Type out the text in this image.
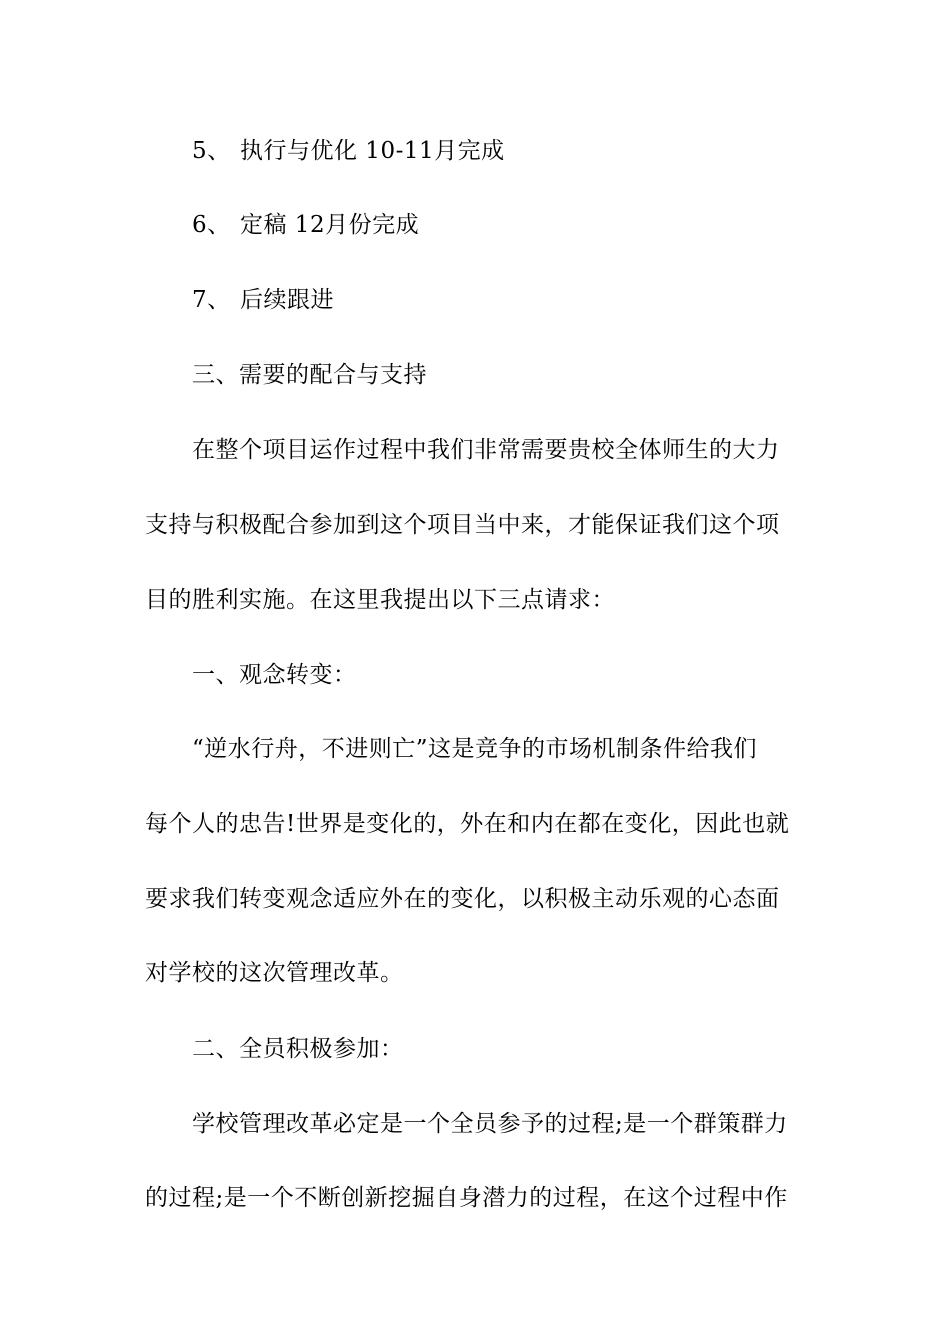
5、 执行与优化 10-11月完成
6、 定稿 12月份完成
7、 后续跟进
三、需要的配合与支持
在整个项目运作过程中我们非常需要贵校全体师生的大力
支持与积极配合参加到这个项目当中来，才能保证我们这个项
目的胜利实施。在这里我提出以下三点请求：
一、观念转变：
“逆水行舟，不进则亡”这是竞争的市场机制条件给我们
每个人的忠告!世界是变化的，外在和内在都在变化，因此也就
要求我们转变观念适应外在的变化，以积极主动乐观的心态面
对学校的这次管理改革。
二、全员积极参加：
学校管理改革必定是一个全员参予的过程;是一个群策群力
的过程;是一个不断创新挖掘自身潜力的过程，在这个过程中作
